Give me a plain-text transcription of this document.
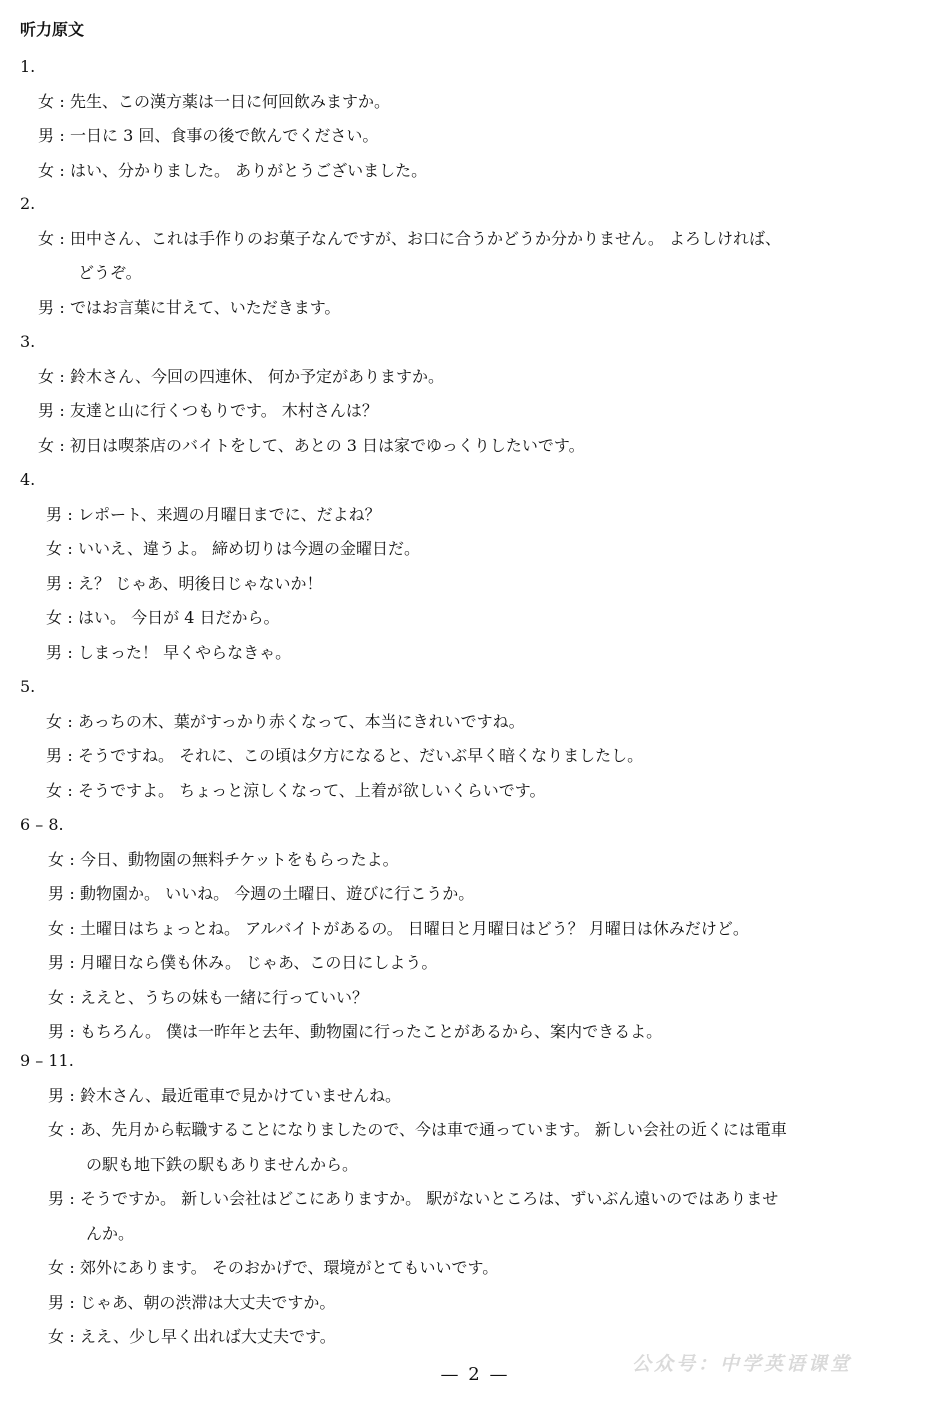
听力原文
1.
女 : 先生、この漢方薬は一日に何回飲みますか。
男 : 一日に 3 回、食事の後で飲んでください。
女 : はい、分かりました。 ありがとうございました。
2.
女 : 田中さん、これは手作りのお菓子なんですが、お口に合うかどうか分かりません。 よろしければ、
どうぞ。
男 : ではお言葉に甘えて、いただきます。
3.
女 : 鈴木さん、今回の四連休、 何か予定がありますか。
男 : 友達と山に行くつもりです。 木村さんは？
女 : 初日は喫茶店のバイトをして、あとの 3 日は家でゆっくりしたいです。
4.
男 : レポート、来週の月曜日までに、だよね？
女 : いいえ、違うよ。 締め切りは今週の金曜日だ。
男 : え？ じゃあ、明後日じゃないか！
女 : はい。 今日が 4 日だから。
男 : しまった！ 早くやらなきゃ。
5.
女 : あっちの木、葉がすっかり赤くなって、本当にきれいですね。
男 : そうですね。 それに、この頃は夕方になると、だいぶ早く暗くなりましたし。
女 : そうですよ。 ちょっと涼しくなって、上着が欲しいくらいです。
6 – 8.
女 : 今日、動物園の無料チケットをもらったよ。
男 : 動物園か。 いいね。 今週の土曜日、遊びに行こうか。
女 : 土曜日はちょっとね。 アルバイトがあるの。 日曜日と月曜日はどう？ 月曜日は休みだけど。
男 : 月曜日なら僕も休み。 じゃあ、この日にしよう。
女 : ええと、うちの妹も一緒に行っていい？
男 : もちろん。 僕は一昨年と去年、動物園に行ったことがあるから、案内できるよ。
9 – 11.
男 : 鈴木さん、最近電車で見かけていませんね。
女 : あ、先月から転職することになりましたので、今は車で通っています。 新しい会社の近くには電車
の駅も地下鉄の駅もありませんから。
男 : そうですか。 新しい会社はどこにありますか。 駅がないところは、ずいぶん遠いのではありませ
んか。
女 : 郊外にあります。 そのおかげで、環境がとてもいいです。
男 : じゃあ、朝の渋滞は大丈夫ですか。
女 : ええ、少し早く出れば大丈夫です。
— 2 —	公众号：中学英语课堂
